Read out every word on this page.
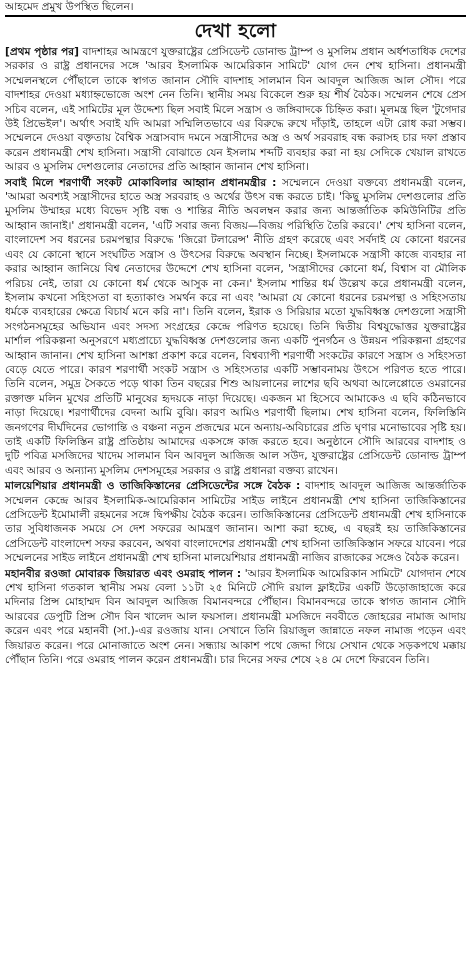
আহমেদ প্রমুখ উপস্থিত ছিলেন।
দেখা হলো

[প্রথম পৃষ্ঠার পর] বাদশাহর আমন্ত্রণে যুক্তরাষ্ট্রের প্রেসিডেন্ট ডোনাল্ড ট্রাম্প ও মুসলিম প্রধান অর্ধশতাধিক দেশের সরকার ও রাষ্ট্র প্রধানদের সঙ্গে 'আরব ইসলামিক আমেরিকান সামিটে' যোগ দেন শেখ হাসিনা। প্রধানমন্ত্রী সম্মেলনস্থলে পৌঁছালে তাকে স্বাগত জানান সৌদি বাদশাহ সালমান বিন আবদুল আজিজ আল সৌদ। পরে বাদশাহর দেওয়া মধ্যাহ্নভোজে অংশ নেন তিনি। স্থানীয় সময় বিকেলে শুরু হয় শীর্ষ বৈঠক। সম্মেলন শেষে প্রেস সচিব বলেন, এই সামিটের মূল উদ্দেশ্য ছিল সবাই মিলে সন্ত্রাস ও জঙ্গিবাদকে চিহ্নিত করা। মূলমন্ত্র ছিল 'টুগেদার উই প্রিভেইল'। অর্থাৎ সবাই যদি আমরা সম্মিলিতভাবে এর বিরুদ্ধে রুখে দাঁড়াই, তাহলে এটা রোধ করা সম্ভব। সম্মেলনে দেওয়া বক্তৃতায় বৈশ্বিক সন্ত্রাসবাদ দমনে সন্ত্রাসীদের অস্ত্র ও অর্থ সরবরাহ বন্ধ করাসহ চার দফা প্রস্তাব করেন প্রধানমন্ত্রী শেখ হাসিনা। সন্ত্রাসী বোঝাতে যেন ইসলাম শব্দটি ব্যবহার করা না হয় সেদিকে খেয়াল রাখতে আরব ও মুসলিম দেশগুলোর নেতাদের প্রতি আহ্বান জানান শেখ হাসিনা।

সবাই মিলে শরণার্থী সংকট মোকাবিলার আহ্বান প্রধানমন্ত্রীর : সম্মেলনে দেওয়া বক্তব্যে প্রধানমন্ত্রী বলেন, 'আমরা অবশ্যই সন্ত্রাসীদের হাতে অস্ত্র সরবরাহ ও অর্থের উৎস বন্ধ করতে চাই। 'কিছু মুসলিম দেশগুলোর প্রতি মুসলিম উম্মাহর মধ্যে বিভেদ সৃষ্টি বন্ধ ও শান্তির নীতি অবলম্বন করার জন্য আন্তর্জাতিক কমিউনিটির প্রতি আহ্বান জানাই।' প্রধানমন্ত্রী বলেন, 'এটি সবার জন্য বিজয়—বিজয় পরিস্থিতি তৈরি করবে।' শেখ হাসিনা বলেন, বাংলাদেশ সব ধরনের চরমপন্থার বিরুদ্ধে 'জিরো টলারেন্স' নীতি গ্রহণ করেছে এবং সর্বদাই যে কোনো ধরনের এবং যে কোনো স্থানে সংঘটিত সন্ত্রাস ও উৎসের বিরুদ্ধে অবস্থান নিচ্ছে। ইসলামকে সন্ত্রাসী কাজে ব্যবহার না করার আহ্বান জানিয়ে বিশ্ব নেতাদের উদ্দেশে শেখ হাসিনা বলেন, 'সন্ত্রাসীদের কোনো ধর্ম, বিশ্বাস বা মৌলিক পরিচয় নেই, তারা যে কোনো ধর্ম থেকে আসুক না কেন।' ইসলাম শান্তির ধর্ম উল্লেখ করে প্রধানমন্ত্রী বলেন, ইসলাম কখনো সহিংসতা বা হত্যাকাণ্ড সমর্থন করে না এবং 'আমরা যে কোনো ধরনের চরমপন্থা ও সহিংসতায় ধর্মকে ব্যবহারের ক্ষেত্রে বিচার্য মনে করি না'। তিনি বলেন, ইরাক ও সিরিয়ার মতো যুদ্ধবিধ্বস্ত দেশগুলো সন্ত্রাসী সংগঠনসমূহের অভিযান এবং সদস্য সংগ্রহের কেন্দ্রে পরিণত হয়েছে। তিনি দ্বিতীয় বিশ্বযুদ্ধোত্তর যুক্তরাষ্ট্রের মার্শাল পরিকল্পনা অনুসরণে মধ্যপ্রাচ্যে যুদ্ধবিধ্বস্ত দেশগুলোর জন্য একটি পুনর্গঠন ও উন্নয়ন পরিকল্পনা গ্রহণের আহ্বান জানান। শেখ হাসিনা আশঙ্কা প্রকাশ করে বলেন, বিশ্বব্যাপী শরণার্থী সংকটের কারণে সন্ত্রাস ও সহিংসতা বেড়ে যেতে পারে। কারণ শরণার্থী সংকট সন্ত্রাস ও সহিংসতার একটি সম্ভাবনাময় উৎসে পরিণত হতে পারে। তিনি বলেন, সমুদ্র সৈকতে পড়ে থাকা তিন বছরের শিশু আয়লানের লাশের ছবি অথবা আলেপ্পোতে ওমরানের রক্তাক্ত মলিন মুখের প্রতিটি মানুষের হৃদয়কে নাড়া দিয়েছে। একজন মা হিসেবে আমাকেও এ ছবি কঠিনভাবে নাড়া দিয়েছে। শরণার্থীদের বেদনা আমি বুঝি। কারণ আমিও শরণার্থী ছিলাম। শেখ হাসিনা বলেন, ফিলিস্তিনি জনগণের দীর্ঘদিনের ভোগান্তি ও বঞ্চনা নতুন প্রজন্মের মনে অন্যায়-অবিচারের প্রতি ঘৃণার মনোভাবের সৃষ্টি হয়। তাই একটি ফিলিস্তিন রাষ্ট্র প্রতিষ্ঠায় আমাদের একসঙ্গে কাজ করতে হবে। অনুষ্ঠানে সৌদি আরবের বাদশাহ ও দুটি পবিত্র মসজিদের খাদেম সালমান বিন আবদুল আজিজ আল সউদ, যুক্তরাষ্ট্রের প্রেসিডেন্ট ডোনাল্ড ট্রাম্প এবং আরব ও অন্যান্য মুসলিম দেশসমূহের সরকার ও রাষ্ট্র প্রধানরা বক্তব্য রাখেন।

মালয়েশিয়ার প্রধানমন্ত্রী ও তাজিকিস্তানের প্রেসিডেন্টের সঙ্গে বৈঠক : বাদশাহ আবদুল আজিজ আন্তর্জাতিক সম্মেলন কেন্দ্রে আরব ইসলামিক-আমেরিকান সামিটের সাইড লাইনে প্রধানমন্ত্রী শেখ হাসিনা তাজিকিস্তানের প্রেসিডেন্ট ইমোমালী রহমনের সঙ্গে দ্বিপক্ষীয় বৈঠক করেন। তাজিকিস্তানের প্রেসিডেন্ট প্রধানমন্ত্রী শেখ হাসিনাকে তার সুবিধাজনক সময়ে সে দেশ সফরের আমন্ত্রণ জানান। আশা করা হচ্ছে, এ বছরই হয় তাজিকিস্তানের প্রেসিডেন্ট বাংলাদেশ সফর করবেন, অথবা বাংলাদেশের প্রধানমন্ত্রী শেখ হাসিনা তাজিকিস্তান সফরে যাবেন। পরে সম্মেলনের সাইড লাইনে প্রধানমন্ত্রী শেখ হাসিনা মালয়েশিয়ার প্রধানমন্ত্রী নাজিব রাজাকের সঙ্গেও বৈঠক করেন।

মহানবীর রওজা মোবারক জিয়ারত এবং ওমরাহ পালন : 'আরব ইসলামিক আমেরিকান সামিটে' যোগদান শেষে শেখ হাসিনা গতকাল স্থানীয় সময় বেলা ১১টা ২৫ মিনিটে সৌদি রয়াল ফ্লাইটের একটি উড়োজাহাজে করে মদিনার প্রিন্স মোহাম্মদ বিন আবদুল আজিজ বিমানবন্দরে পৌঁছান। বিমানবন্দরে তাকে স্বাগত জানান সৌদি আরবের ডেপুটি প্রিন্স সৌদ বিন খালেদ আল ফয়সাল। প্রধানমন্ত্রী মসজিদে নববীতে জোহরের নামাজ আদায় করেন এবং পরে মহানবী (সা.)-এর রওজায় যান। সেখানে তিনি রিয়াজুল জান্নাতে নফল নামাজ পড়েন এবং জিয়ারত করেন। পরে মোনাজাতে অংশ নেন। সন্ধ্যায় আকাশ পথে জেদ্দা গিয়ে সেখান থেকে সড়কপথে মক্কায় পৌঁছান তিনি। পরে ওমরাহ পালন করেন প্রধানমন্ত্রী। চার দিনের সফর শেষে ২৪ মে দেশে ফিরবেন তিনি।
